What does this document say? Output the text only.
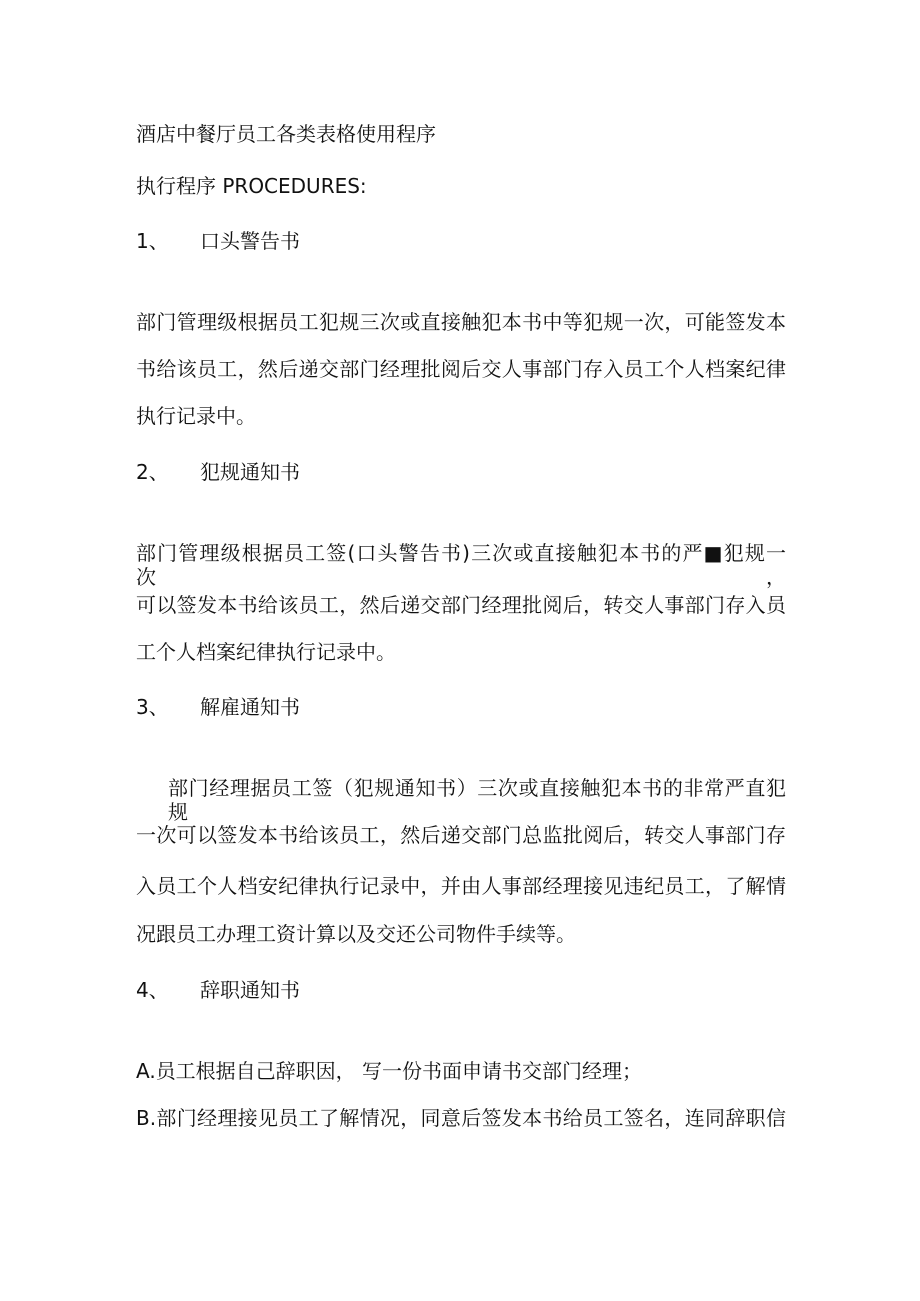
酒店中餐厅员工各类表格使用程序
执行程序 PROCEDURES:
1、 口头警告书
部门管理级根据员工犯规三次或直接触犯本书中等犯规一次，可能签发本
书给该员工，然后递交部门经理批阅后交人事部门存入员工个人档案纪律
执行记录中。
2、 犯规通知书
部门管理级根据员工签(口头警告书)三次或直接触犯本书的严■犯规一次，
可以签发本书给该员工，然后递交部门经理批阅后，转交人事部门存入员
工个人档案纪律执行记录中。
3、 解雇通知书
部门经理据员工签（犯规通知书）三次或直接触犯本书的非常严直犯规
一次可以签发本书给该员工，然后递交部门总监批阅后，转交人事部门存
入员工个人档安纪律执行记录中，并由人事部经理接见违纪员工，了解情
况跟员工办理工资计算以及交还公司物件手续等。
4、 辞职通知书
A.员工根据自己辞职因， 写一份书面申请书交部门经理；
B.部门经理接见员工了解情况，同意后签发本书给员工签名，连同辞职信
